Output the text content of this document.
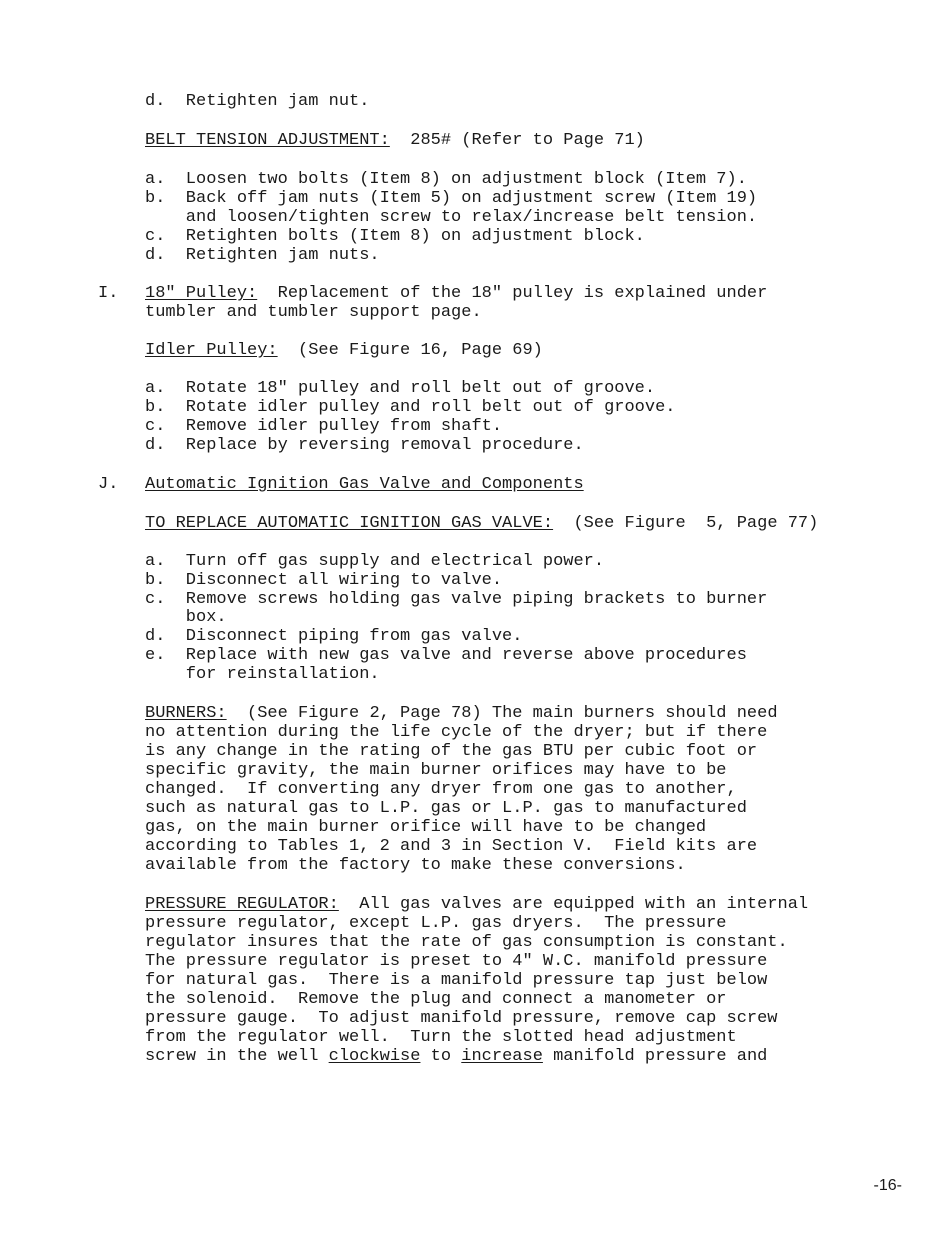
d.  Retighten jam nut.
BELT TENSION ADJUSTMENT:  285# (Refer to Page 71)
a.  Loosen two bolts (Item 8) on adjustment block (Item 7).
b.  Back off jam nuts (Item 5) on adjustment screw (Item 19)
and loosen/tighten screw to relax/increase belt tension.
c.  Retighten bolts (Item 8) on adjustment block.
d.  Retighten jam nuts.
I. 18" Pulley:  Replacement of the 18" pulley is explained under
tumbler and tumbler support page.
Idler Pulley:  (See Figure 16, Page 69)
a.  Rotate 18" pulley and roll belt out of groove.
b.  Rotate idler pulley and roll belt out of groove.
c.  Remove idler pulley from shaft.
d.  Replace by reversing removal procedure.
J. Automatic Ignition Gas Valve and Components
TO REPLACE AUTOMATIC IGNITION GAS VALVE:  (See Figure  5, Page 77)
a.  Turn off gas supply and electrical power.
b.  Disconnect all wiring to valve.
c.  Remove screws holding gas valve piping brackets to burner
box.
d.  Disconnect piping from gas valve.
e.  Replace with new gas valve and reverse above procedures
for reinstallation.
BURNERS:  (See Figure 2, Page 78) The main burners should need
no attention during the life cycle of the dryer; but if there
is any change in the rating of the gas BTU per cubic foot or
specific gravity, the main burner orifices may have to be
changed.  If converting any dryer from one gas to another,
such as natural gas to L.P. gas or L.P. gas to manufactured
gas, on the main burner orifice will have to be changed
according to Tables 1, 2 and 3 in Section V.  Field kits are
available from the factory to make these conversions.
PRESSURE REGULATOR:  All gas valves are equipped with an internal
pressure regulator, except L.P. gas dryers.  The pressure
regulator insures that the rate of gas consumption is constant.
The pressure regulator is preset to 4" W.C. manifold pressure
for natural gas.  There is a manifold pressure tap just below
the solenoid.  Remove the plug and connect a manometer or
pressure gauge.  To adjust manifold pressure, remove cap screw
from the regulator well.  Turn the slotted head adjustment
screw in the well clockwise to increase manifold pressure and
-16-
